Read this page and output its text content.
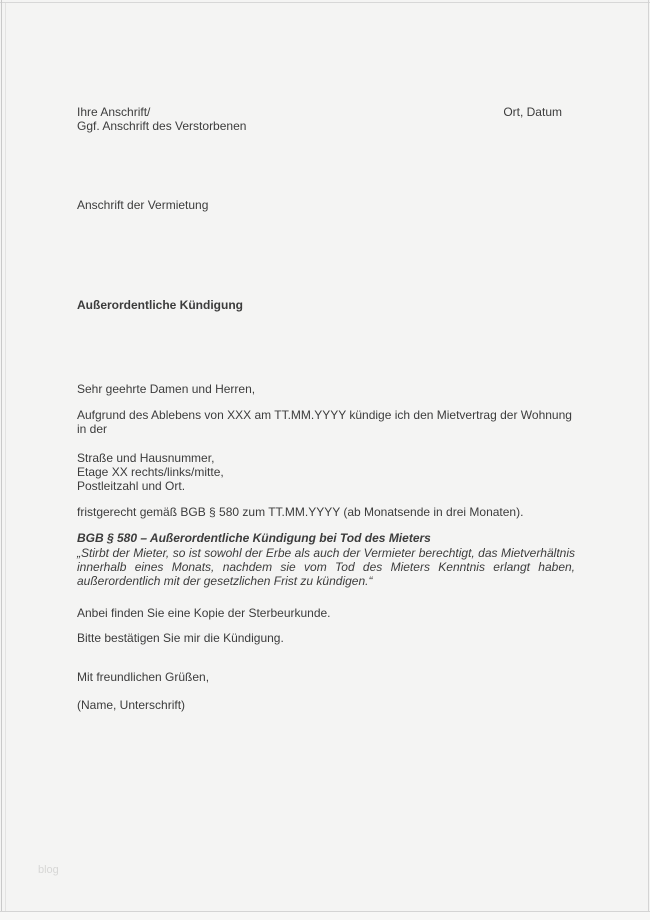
Ihre Anschrift/
Ggf. Anschrift des Verstorbenen
Ort, Datum
Anschrift der Vermietung
Außerordentliche Kündigung
Sehr geehrte Damen und Herren,
Aufgrund des Ablebens von XXX am TT.MM.YYYY kündige ich den Mietvertrag der Wohnung in der
Straße und Hausnummer,
Etage XX rechts/links/mitte,
Postleitzahl und Ort.
fristgerecht gemäß BGB § 580 zum TT.MM.YYYY (ab Monatsende in drei Monaten).
BGB § 580 – Außerordentliche Kündigung bei Tod des Mieters
„Stirbt der Mieter, so ist sowohl der Erbe als auch der Vermieter berechtigt, das Mietverhältnis innerhalb eines Monats, nachdem sie vom Tod des Mieters Kenntnis erlangt haben, außerordentlich mit der gesetzlichen Frist zu kündigen.“
Anbei finden Sie eine Kopie der Sterbeurkunde.
Bitte bestätigen Sie mir die Kündigung.
Mit freundlichen Grüßen,
(Name, Unterschrift)
blog
